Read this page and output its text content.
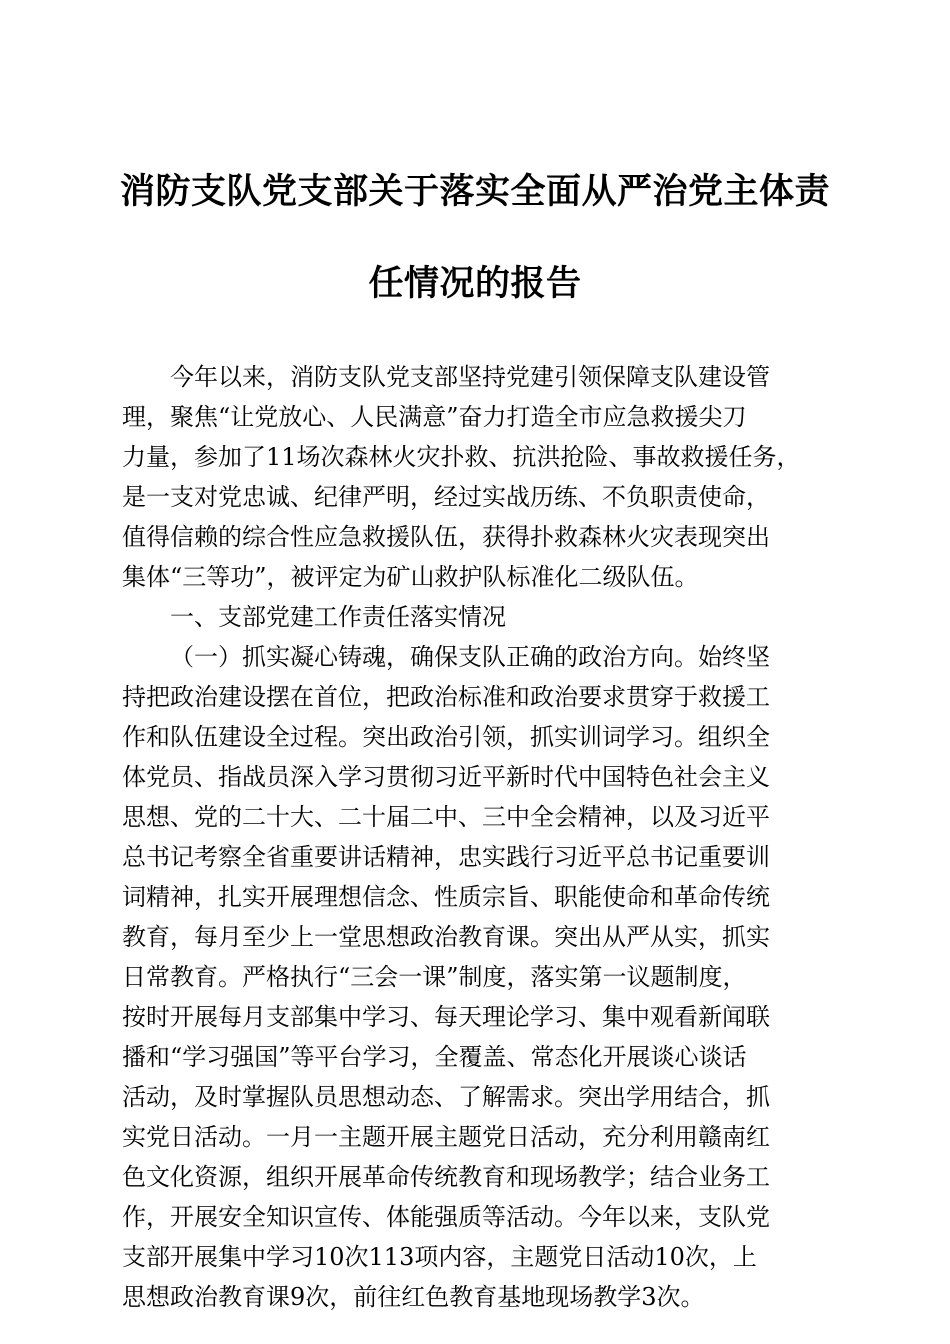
消防支队党支部关于落实全面从严治党主体责
任情况的报告
今年以来，消防支队党支部坚持党建引领保障支队建设管
理，聚焦“让党放心、人民满意”奋力打造全市应急救援尖刀
力量，参加了11场次森林火灾扑救、抗洪抢险、事故救援任务，
是一支对党忠诚、纪律严明，经过实战历练、不负职责使命，
值得信赖的综合性应急救援队伍，获得扑救森林火灾表现突出
集体“三等功”，被评定为矿山救护队标准化二级队伍。
一、支部党建工作责任落实情况
（一）抓实凝心铸魂，确保支队正确的政治方向。始终坚
持把政治建设摆在首位，把政治标准和政治要求贯穿于救援工
作和队伍建设全过程。突出政治引领，抓实训词学习。组织全
体党员、指战员深入学习贯彻习近平新时代中国特色社会主义
思想、党的二十大、二十届二中、三中全会精神，以及习近平
总书记考察全省重要讲话精神，忠实践行习近平总书记重要训
词精神，扎实开展理想信念、性质宗旨、职能使命和革命传统
教育，每月至少上一堂思想政治教育课。突出从严从实，抓实
日常教育。严格执行“三会一课”制度，落实第一议题制度，
按时开展每月支部集中学习、每天理论学习、集中观看新闻联
播和“学习强国”等平台学习，全覆盖、常态化开展谈心谈话
活动，及时掌握队员思想动态、了解需求。突出学用结合，抓
实党日活动。一月一主题开展主题党日活动，充分利用赣南红
色文化资源，组织开展革命传统教育和现场教学；结合业务工
作，开展安全知识宣传、体能强质等活动。今年以来，支队党
支部开展集中学习10次113项内容，主题党日活动10次，上
思想政治教育课9次，前往红色教育基地现场教学3次。
